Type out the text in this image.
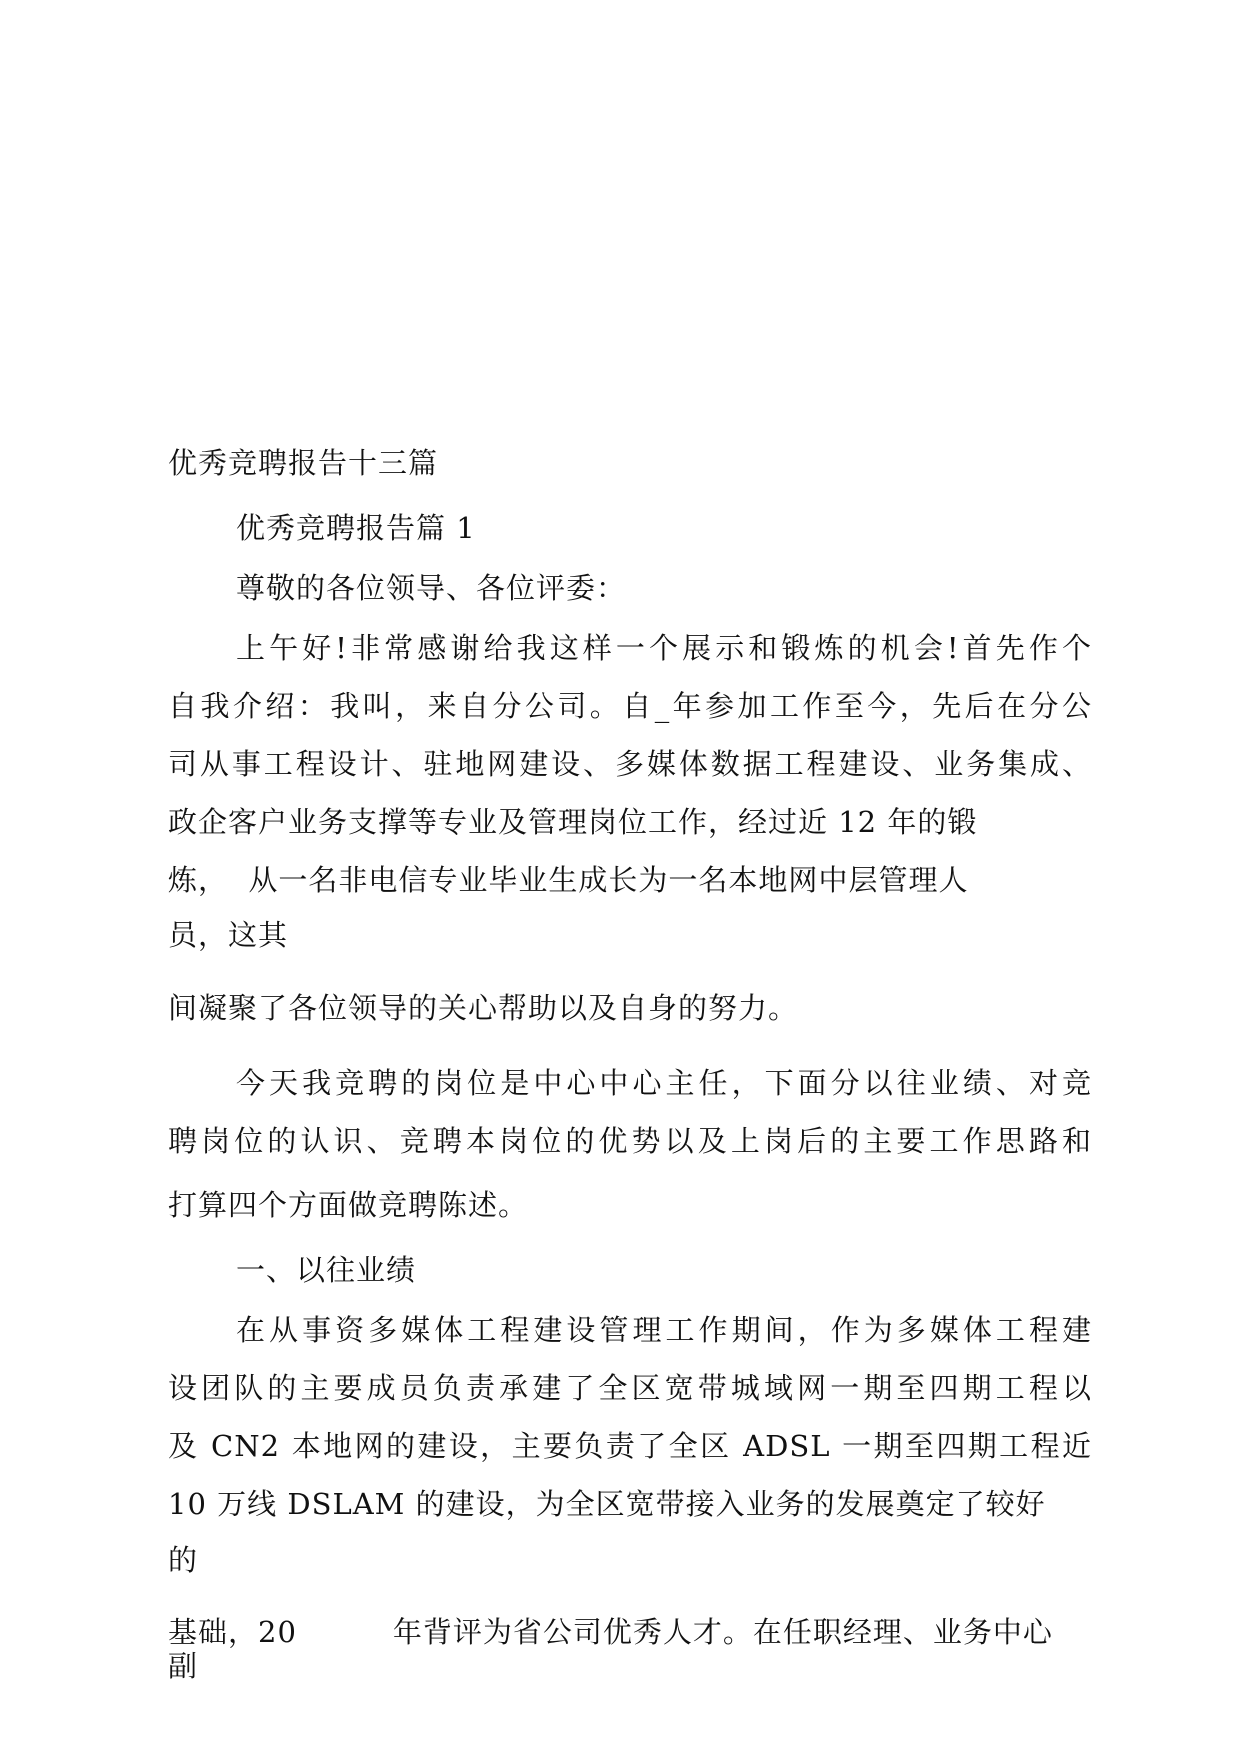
优秀竞聘报告十三篇
优秀竞聘报告篇 1
尊敬的各位领导、各位评委：
上午好!非常感谢给我这样一个展示和锻炼的机会!首先作个
自我介绍：我叫，来自分公司。自_年参加工作至今，先后在分公
司从事工程设计、驻地网建设、多媒体数据工程建设、业务集成、
政企客户业务支撑等专业及管理岗位工作，经过近 12 年的锻
炼，  从一名非电信专业毕业生成长为一名本地网中层管理人
员，这其
间凝聚了各位领导的关心帮助以及自身的努力。
今天我竞聘的岗位是中心中心主任，下面分以往业绩、对竞
聘岗位的认识、竞聘本岗位的优势以及上岗后的主要工作思路和
打算四个方面做竞聘陈述。
一、以往业绩
在从事资多媒体工程建设管理工作期间，作为多媒体工程建
设团队的主要成员负责承建了全区宽带城域网一期至四期工程以
及 CN2 本地网的建设，主要负责了全区 ADSL 一期至四期工程近
10 万线 DSLAM 的建设，为全区宽带接入业务的发展奠定了较好
的
基础，20	年背评为省公司优秀人才。在任职经理、业务中心
副
